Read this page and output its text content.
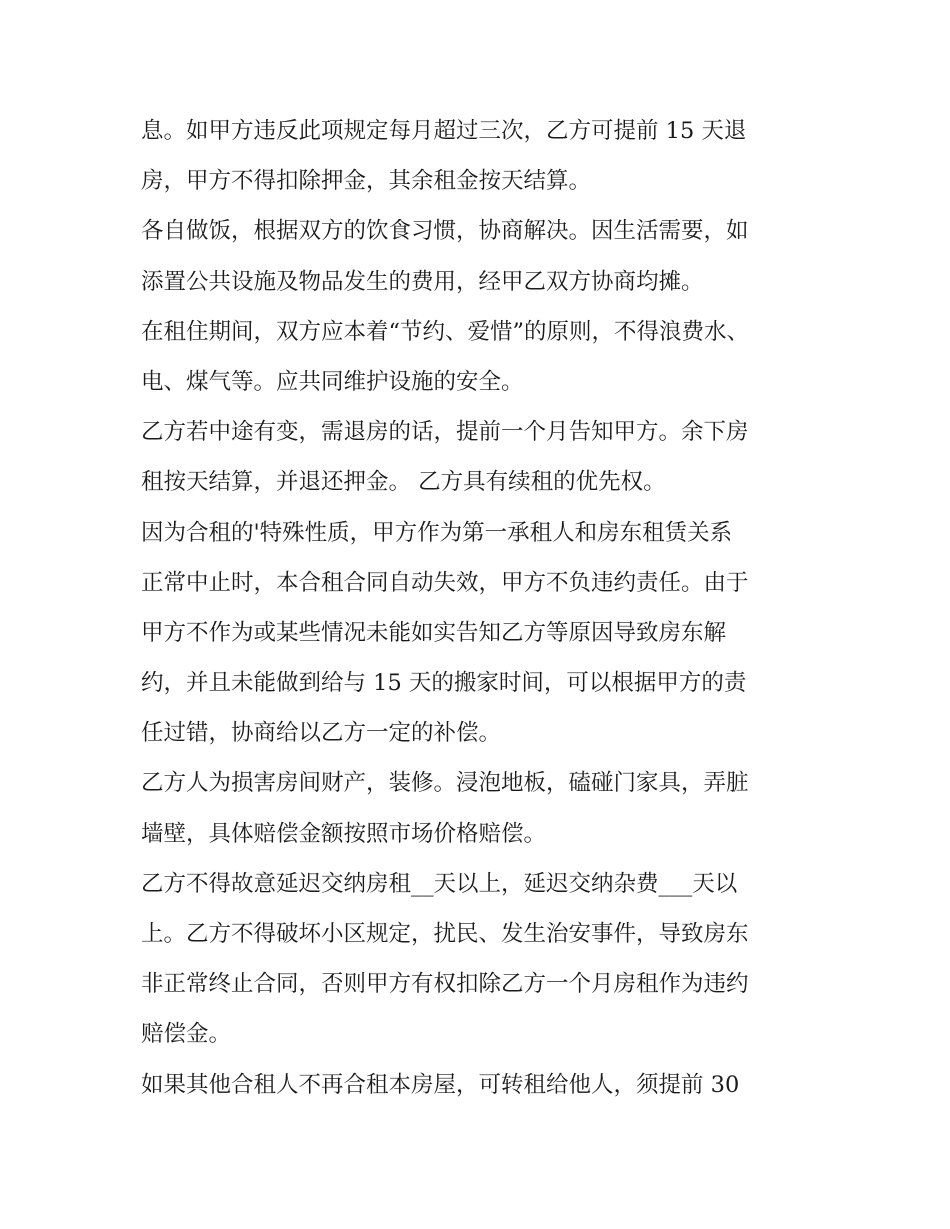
息。如甲方违反此项规定每月超过三次，乙方可提前 15 天退
房，甲方不得扣除押金，其余租金按天结算。
各自做饭，根据双方的饮食习惯，协商解决。因生活需要，如
添置公共设施及物品发生的费用，经甲乙双方协商均摊。
在租住期间，双方应本着“节约、爱惜”的原则，不得浪费水、
电、煤气等。应共同维护设施的安全。
乙方若中途有变，需退房的话，提前一个月告知甲方。余下房
租按天结算，并退还押金。 乙方具有续租的优先权。
因为合租的'特殊性质，甲方作为第一承租人和房东租赁关系
正常中止时，本合租合同自动失效，甲方不负违约责任。由于
甲方不作为或某些情况未能如实告知乙方等原因导致房东解
约，并且未能做到给与 15 天的搬家时间，可以根据甲方的责
任过错，协商给以乙方一定的补偿。
乙方人为损害房间财产，装修。浸泡地板，磕碰门家具，弄脏
墙壁，具体赔偿金额按照市场价格赔偿。
乙方不得故意延迟交纳房租__天以上，延迟交纳杂费___天以
上。乙方不得破坏小区规定，扰民、发生治安事件，导致房东
非正常终止合同，否则甲方有权扣除乙方一个月房租作为违约
赔偿金。
如果其他合租人不再合租本房屋，可转租给他人，须提前 30
